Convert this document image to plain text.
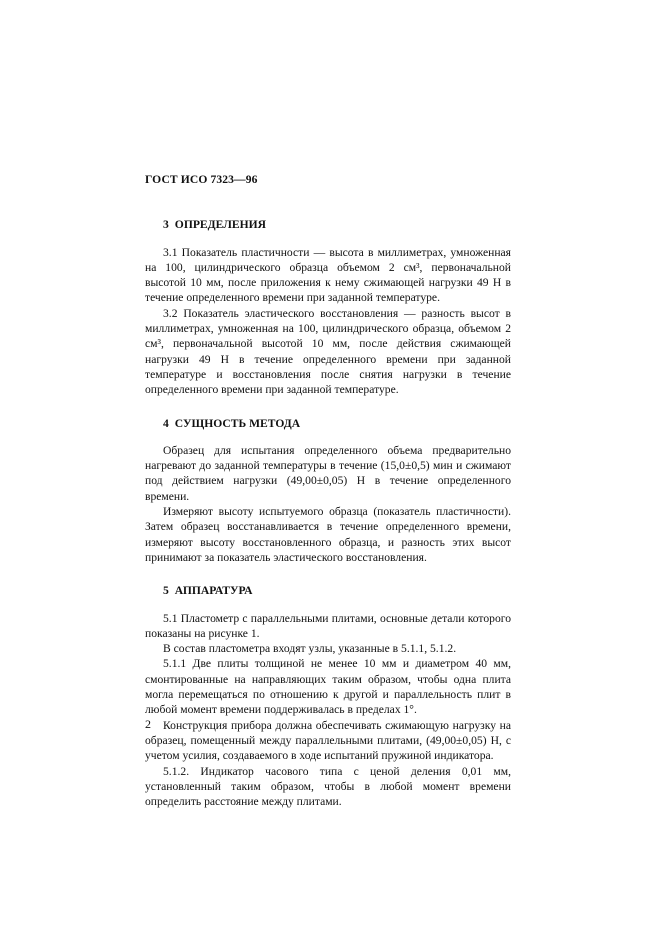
ГОСТ ИСО 7323—96
3 ОПРЕДЕЛЕНИЯ

3.1 Показатель пластичности — высота в миллиметрах, умноженная на 100, цилиндрического образца объемом 2 см³, первоначальной высотой 10 мм, после приложения к нему сжимающей нагрузки 49 Н в течение определенного времени при заданной температуре.

3.2 Показатель эластического восстановления — разность высот в миллиметрах, умноженная на 100, цилиндрического образца, объемом 2 см³, первоначальной высотой 10 мм, после действия сжимающей нагрузки 49 Н в течение определенного времени при заданной температуре и восстановления после снятия нагрузки в течение определенного времени при заданной температуре.

4 СУЩНОСТЬ МЕТОДА

Образец для испытания определенного объема предварительно нагревают до заданной температуры в течение (15,0±0,5) мин и сжимают под действием нагрузки (49,00±0,05) Н в течение определенного времени.

Измеряют высоту испытуемого образца (показатель пластичности). Затем образец восстанавливается в течение определенного времени, измеряют высоту восстановленного образца, и разность этих высот принимают за показатель эластического восстановления.

5 АППАРАТУРА

5.1 Пластометр с параллельными плитами, основные детали которого показаны на рисунке 1.

В состав пластометра входят узлы, указанные в 5.1.1, 5.1.2.

5.1.1 Две плиты толщиной не менее 10 мм и диаметром 40 мм, смонтированные на направляющих таким образом, чтобы одна плита могла перемещаться по отношению к другой и параллельность плит в любой момент времени поддерживалась в пределах 1°.

Конструкция прибора должна обеспечивать сжимающую нагрузку на образец, помещенный между параллельными плитами, (49,00±0,05) Н, с учетом усилия, создаваемого в ходе испытаний пружиной индикатора.

5.1.2. Индикатор часового типа с ценой деления 0,01 мм, установленный таким образом, чтобы в любой момент времени определить расстояние между плитами.

2
